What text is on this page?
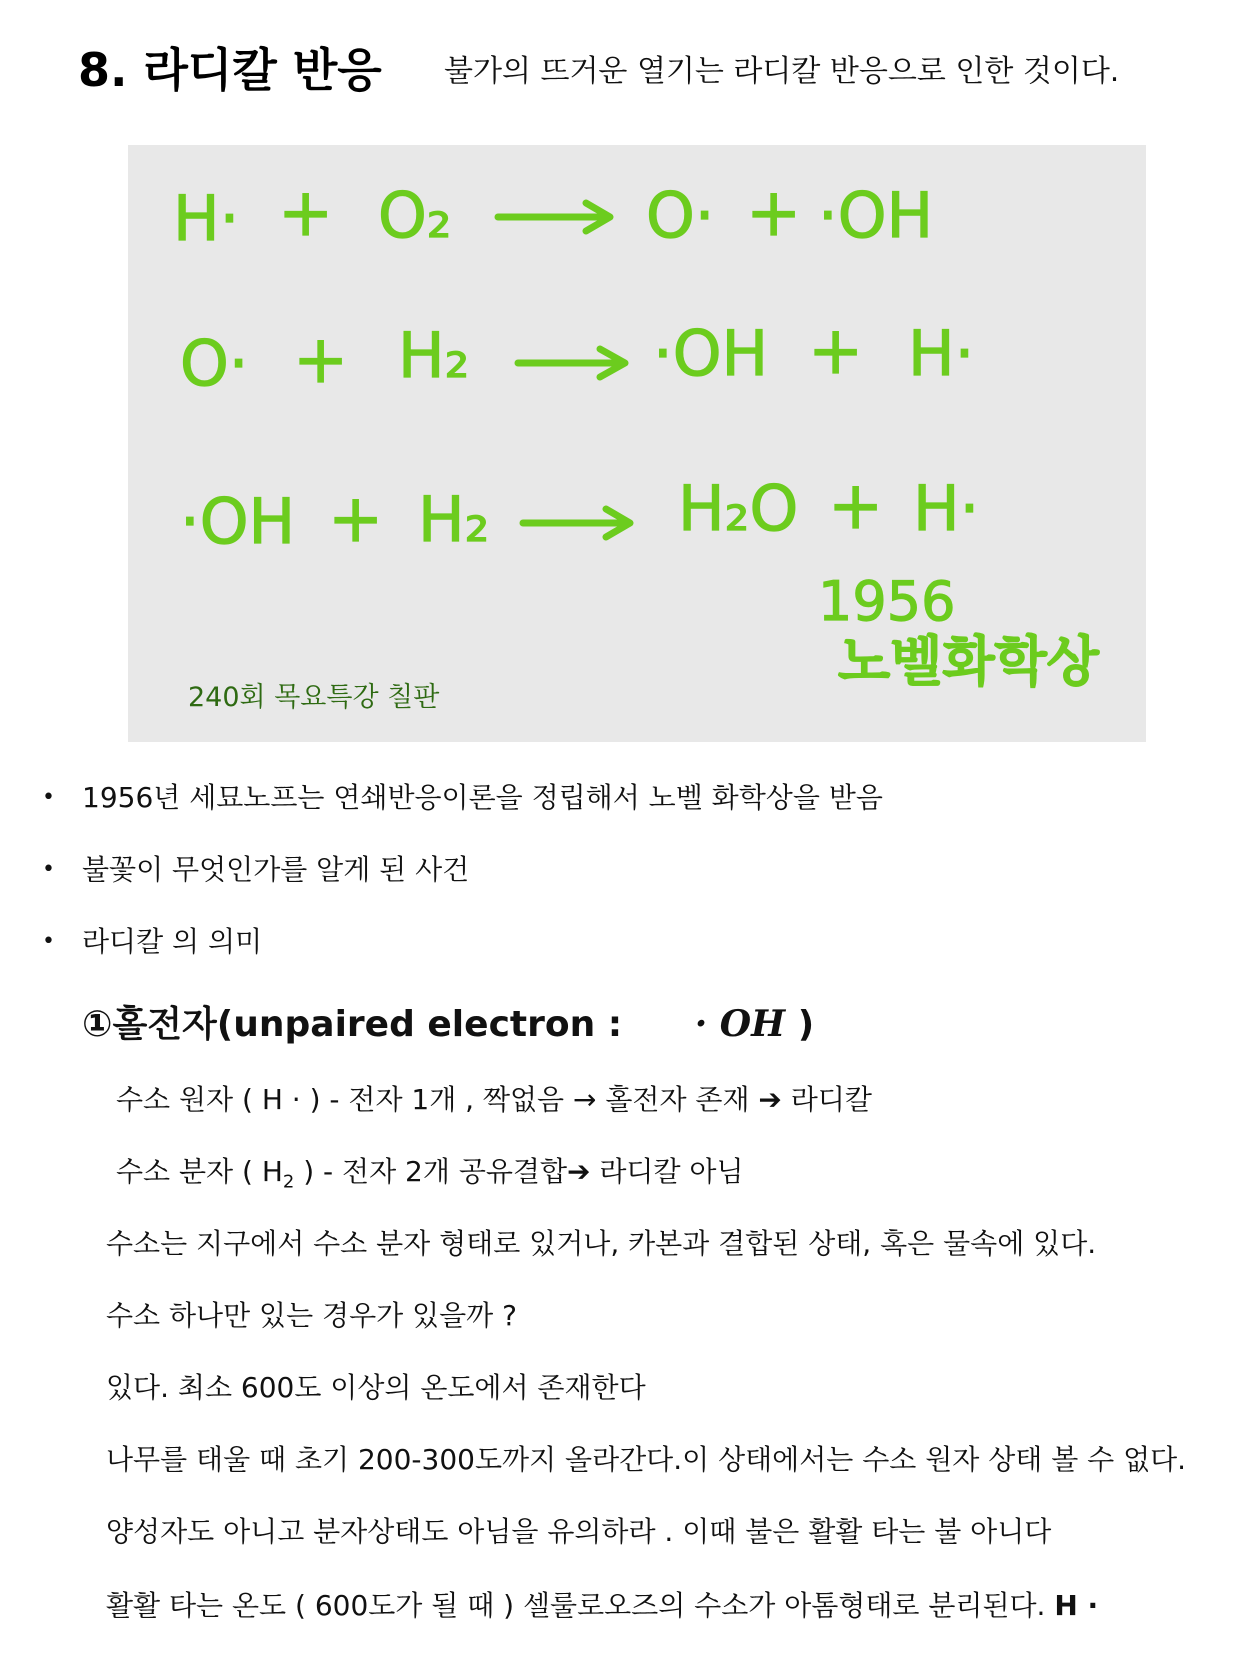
8. 라디칼 반응 불가의 뜨거운 열기는 라디칼 반응으로 인한 것이다.
H· + O₂	O· + ·OH
O· + H₂	·OH + H·
·OH + H₂	H₂O + H·
1956
노벨화학상
240회 목요특강 칠판
• 1956년 세묘노프는 연쇄반응이론을 정립해서 노벨 화학상을 받음
• 불꽃이 무엇인가를 알게 된 사건
• 라디칼 의 의미
①홀전자(unpaired electron : · OH )
수소 원자 ( H · ) - 전자 1개 , 짝없음 → 홀전자 존재 ➔ 라디칼
수소 분자 ( $H_2$ ) - 전자 2개 공유결합➔ 라디칼 아님
수소는 지구에서 수소 분자 형태로 있거나, 카본과 결합된 상태, 혹은 물속에 있다.
수소 하나만 있는 경우가 있을까 ?
있다. 최소 600도 이상의 온도에서 존재한다
나무를 태울 때 초기 200-300도까지 올라간다.이 상태에서는 수소 원자 상태 볼 수 없다.
양성자도 아니고 분자상태도 아님을 유의하라 . 이때 불은 활활 타는 불 아니다
활활 타는 온도 ( 600도가 될 때 ) 셀룰로오즈의 수소가 아톰형태로 분리된다. H ·
